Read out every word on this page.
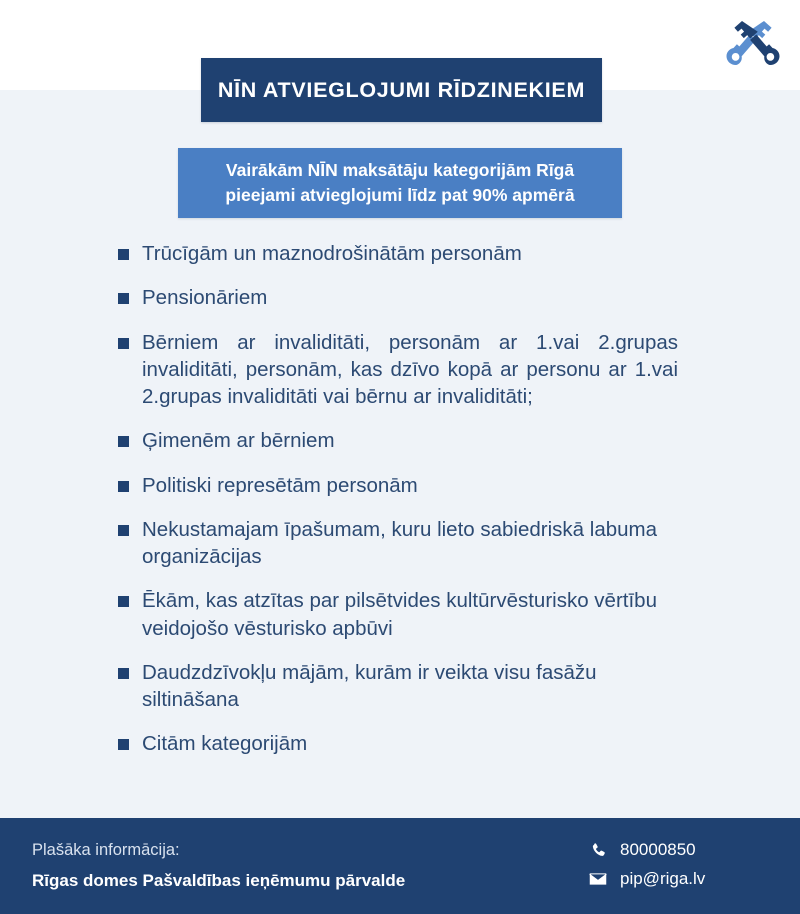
NĪN ATVIEGLOJUMI RĪDZINEKIEM
Vairākām NĪN maksātāju kategorijām Rīgā pieejami atvieglojumi līdz pat 90% apmērā
Trūcīgām un maznodrošinātām personām
Pensionāriem
Bērniem ar invaliditāti, personām ar 1.vai 2.grupas invaliditāti, personām, kas dzīvo kopā ar personu ar 1.vai 2.grupas invaliditāti vai bērnu ar invaliditāti;
Ģimenēm ar bērniem
Politiski represētām personām
Nekustamajam īpašumam, kuru lieto sabiedriskā labuma organizācijas
Ēkām, kas atzītas par pilsētvides kultūrvēsturisko vērtību veidojošo vēsturisko apbūvi
Daudzdzīvokļu mājām, kurām ir veikta visu fasāžu siltināšana
Citām kategorijām
Plašāka informācija:
Rīgas domes Pašvaldības ieņēmumu pārvalde
80000850
pip@riga.lv
